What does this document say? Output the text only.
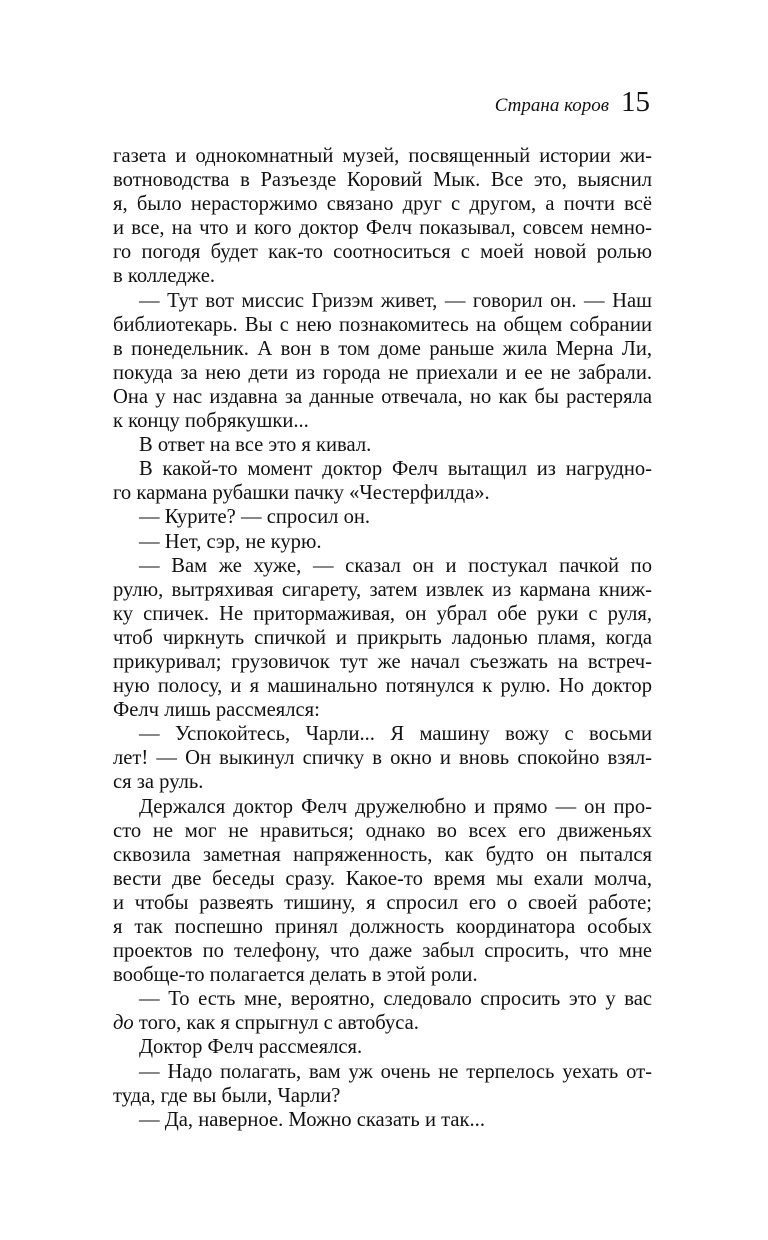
Страна коров 15
газета и однокомнатный музей, посвященный истории жи-
вотноводства в Разъезде Коровий Мык. Все это, выяснил
я, было нерасторжимо связано друг с другом, а почти всё
и все, на что и кого доктор Фелч показывал, совсем немно-
го погодя будет как-то соотноситься с моей новой ролью
в колледже.
— Тут вот миссис Гризэм живет, — говорил он. — Наш
библиотекарь. Вы с нею познакомитесь на общем собрании
в понедельник. А вон в том доме раньше жила Мерна Ли,
покуда за нею дети из города не приехали и ее не забрали.
Она у нас издавна за данные отвечала, но как бы растеряла
к концу побрякушки...
В ответ на все это я кивал.
В какой-то момент доктор Фелч вытащил из нагрудно-
го кармана рубашки пачку «Честерфилда».
— Курите? — спросил он.
— Нет, сэр, не курю.
— Вам же хуже, — сказал он и постукал пачкой по
рулю, вытряхивая сигарету, затем извлек из кармана книж-
ку спичек. Не притормаживая, он убрал обе руки с руля,
чтоб чиркнуть спичкой и прикрыть ладонью пламя, когда
прикуривал; грузовичок тут же начал съезжать на встреч-
ную полосу, и я машинально потянулся к рулю. Но доктор
Фелч лишь рассмеялся:
— Успокойтесь, Чарли... Я машину вожу с восьми
лет! — Он выкинул спичку в окно и вновь спокойно взял-
ся за руль.
Держался доктор Фелч дружелюбно и прямо — он про-
сто не мог не нравиться; однако во всех его движеньях
сквозила заметная напряженность, как будто он пытался
вести две беседы сразу. Какое-то время мы ехали молча,
и чтобы развеять тишину, я спросил его о своей работе;
я так поспешно принял должность координатора особых
проектов по телефону, что даже забыл спросить, что мне
вообще-то полагается делать в этой роли.
— То есть мне, вероятно, следовало спросить это у вас
до того, как я спрыгнул с автобуса.
Доктор Фелч рассмеялся.
— Надо полагать, вам уж очень не терпелось уехать от-
туда, где вы были, Чарли?
— Да, наверное. Можно сказать и так...
